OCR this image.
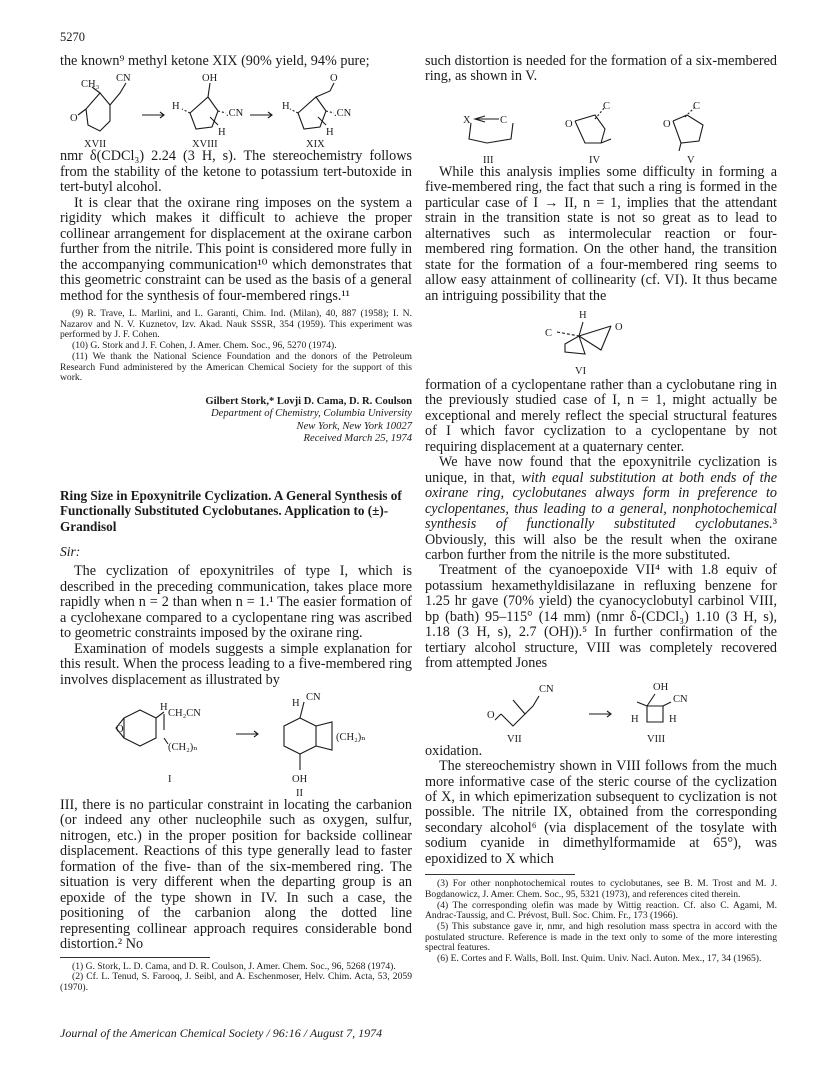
5270

the known⁹ methyl ketone XIX (90% yield, 94% pure;

CH₃
CN
O
OH
H
.CN
O
H
.CN
H	H
XVII	XVIII	XIX

nmr δ(CDCl₃) 2.24 (3 H, s). The stereochemistry follows from the stability of the ketone to potassium tert-butoxide in tert-butyl alcohol.

It is clear that the oxirane ring imposes on the system a rigidity which makes it difficult to achieve the proper collinear arrangement for displacement at the oxirane carbon further from the nitrile. This point is considered more fully in the accompanying communication¹⁰ which demonstrates that this geometric constraint can be used as the basis of a general method for the synthesis of four-membered rings.¹¹

(9) R. Trave, L. Marlini, and L. Garanti, Chim. Ind. (Milan), 40, 887 (1958); I. N. Nazarov and N. V. Kuznetov, Izv. Akad. Nauk SSSR, 354 (1959). This experiment was performed by J. F. Cohen.

(10) G. Stork and J. F. Cohen, J. Amer. Chem. Soc., 96, 5270 (1974).

(11) We thank the National Science Foundation and the donors of the Petroleum Research Fund administered by the American Chemical Society for the support of this work.

Gilbert Stork,* Lovji D. Cama, D. R. Coulson

Department of Chemistry, Columbia University

New York, New York 10027

Received March 25, 1974

Ring Size in Epoxynitrile Cyclization. A General Synthesis of Functionally Substituted Cyclobutanes. Application to (±)-Grandisol

Sir:

The cyclization of epoxynitriles of type I, which is described in the preceding communication, takes place more rapidly when n = 2 than when n = 1.¹ The easier formation of a cyclohexane compared to a cyclopentane ring was ascribed to geometric constraints imposed by the oxirane ring.

Examination of models suggests a simple explanation for this result. When the process leading to a five-membered ring involves displacement as illustrated by

H
CH₂CN
O
(CH₂)ₙ
H
CN
(CH₂)ₙ
OH
I
II

III, there is no particular constraint in locating the carbanion (or indeed any other nucleophile such as oxygen, sulfur, nitrogen, etc.) in the proper position for backside collinear displacement. Reactions of this type generally lead to faster formation of the five- than of the six-membered ring. The situation is very different when the departing group is an epoxide of the type shown in IV. In such a case, the positioning of the carbanion along the dotted line representing collinear approach requires considerable bond distortion.² No

(1) G. Stork, L. D. Cama, and D. R. Coulson, J. Amer. Chem. Soc., 96, 5268 (1974).

(2) Cf. L. Tenud, S. Farooq, J. Seibl, and A. Eschenmoser, Helv. Chim. Acta, 53, 2059 (1970).

such distortion is needed for the formation of a six-membered ring, as shown in V.

X	C	O
C
O
C
III	IV	V

While this analysis implies some difficulty in forming a five-membered ring, the fact that such a ring is formed in the particular case of I → II, n = 1, implies that the attendant strain in the transition state is not so great as to lead to alternatives such as intermolecular reaction or four-membered ring formation. On the other hand, the transition state for the formation of a four-membered ring seems to allow easy attainment of collinearity (cf. VI). It thus became an intriguing possibility that the

H
C
O
VI

formation of a cyclopentane rather than a cyclobutane ring in the previously studied case of I, n = 1, might actually be exceptional and merely reflect the special structural features of I which favor cyclization to a cyclopentane by not requiring displacement at a quaternary center.

We have now found that the epoxynitrile cyclization is unique, in that, with equal substitution at both ends of the oxirane ring, cyclobutanes always form in preference to cyclopentanes, thus leading to a general, nonphotochemical synthesis of functionally substituted cyclobutanes.³ Obviously, this will also be the result when the oxirane carbon further from the nitrile is the more substituted.

Treatment of the cyanoepoxide VII⁴ with 1.8 equiv of potassium hexamethyldisilazane in refluxing benzene for 1.25 hr gave (70% yield) the cyanocyclobutyl carbinol VIII, bp (bath) 95–115° (14 mm) (nmr δ-(CDCl₃) 1.10 (3 H, s), 1.18 (3 H, s), 2.7 (OH)).⁵ In further confirmation of the tertiary alcohol structure, VIII was completely recovered from attempted Jones

CN
O
OH
CN
H	H
VII	VIII

oxidation.

The stereochemistry shown in VIII follows from the much more informative case of the steric course of the cyclization of X, in which epimerization subsequent to cyclization is not possible. The nitrile IX, obtained from the corresponding secondary alcohol⁶ (via displacement of the tosylate with sodium cyanide in dimethylformamide at 65°), was epoxidized to X which

(3) For other nonphotochemical routes to cyclobutanes, see B. M. Trost and M. J. Bogdanowicz, J. Amer. Chem. Soc., 95, 5321 (1973), and references cited therein.

(4) The corresponding olefin was made by Wittig reaction. Cf. also C. Agami, M. Andrac-Taussig, and C. Prévost, Bull. Soc. Chim. Fr., 173 (1966).

(5) This substance gave ir, nmr, and high resolution mass spectra in accord with the postulated structure. Reference is made in the text only to some of the more interesting spectral features.

(6) E. Cortes and F. Walls, Boll. Inst. Quim. Univ. Nacl. Auton. Mex., 17, 34 (1965).

Journal of the American Chemical Society / 96:16 / August 7, 1974
